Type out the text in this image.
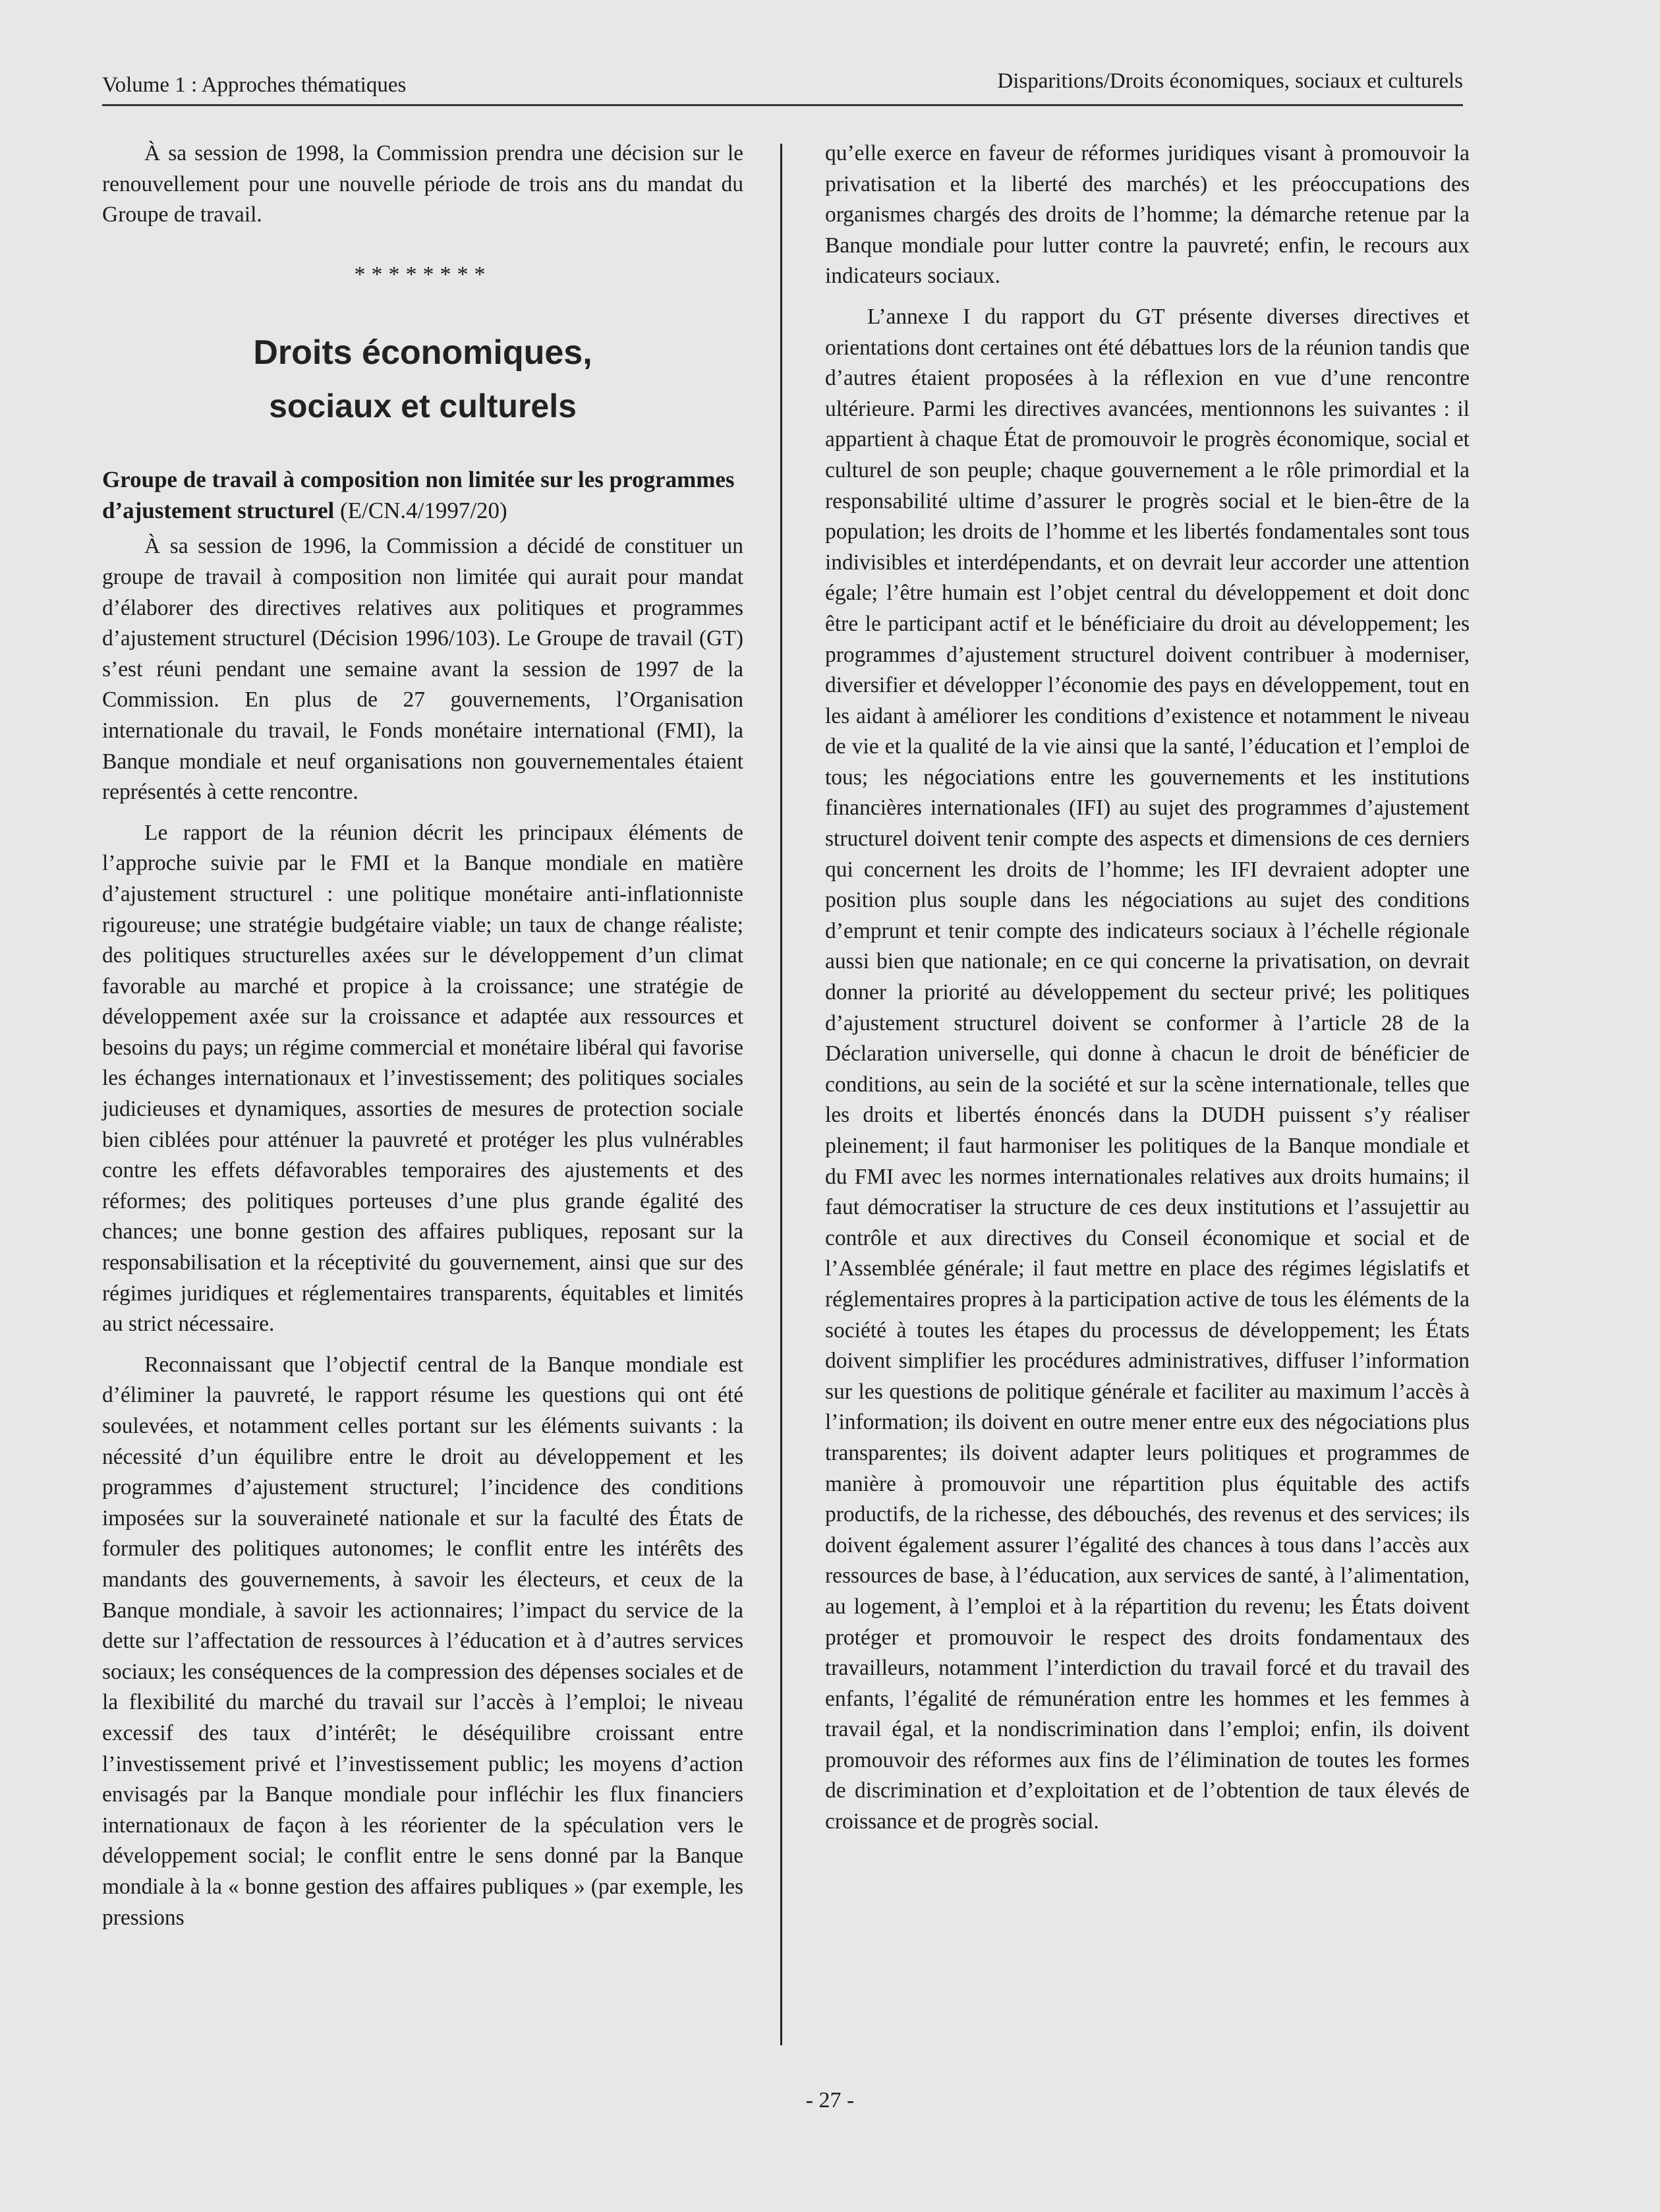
Volume 1 : Approches thématiques	Disparitions/Droits économiques, sociaux et culturels

À sa session de 1998, la Commission prendra une décision sur le renouvellement pour une nouvelle période de trois ans du mandat du Groupe de travail.

********
Droits économiques,
sociaux et culturels
Groupe de travail à composition non limitée sur les programmes d’ajustement structurel (E/CN.4/1997/20)

À sa session de 1996, la Commission a décidé de constituer un groupe de travail à composition non limitée qui aurait pour mandat d’élaborer des directives relatives aux politiques et programmes d’ajustement structurel (Décision 1996/103). Le Groupe de travail (GT) s’est réuni pendant une semaine avant la session de 1997 de la Commission. En plus de 27 gouvernements, l’Organisation internationale du travail, le Fonds monétaire international (FMI), la Banque mondiale et neuf organisations non gouvernementales étaient représentés à cette rencontre.

Le rapport de la réunion décrit les principaux éléments de l’approche suivie par le FMI et la Banque mondiale en matière d’ajustement structurel : une politique monétaire anti-inflationniste rigoureuse; une stratégie budgétaire viable; un taux de change réaliste; des politiques structurelles axées sur le développement d’un climat favorable au marché et propice à la croissance; une stratégie de développement axée sur la croissance et adaptée aux ressources et besoins du pays; un régime commercial et monétaire libéral qui favorise les échanges internationaux et l’investissement; des politiques sociales judicieuses et dynamiques, assorties de mesures de protection sociale bien ciblées pour atténuer la pauvreté et protéger les plus vulnérables contre les effets défavorables temporaires des ajustements et des réformes; des politiques porteuses d’une plus grande égalité des chances; une bonne gestion des affaires publiques, reposant sur la responsabilisation et la réceptivité du gouvernement, ainsi que sur des régimes juridiques et réglementaires transparents, équitables et limités au strict nécessaire.

Reconnaissant que l’objectif central de la Banque mondiale est d’éliminer la pauvreté, le rapport résume les questions qui ont été soulevées, et notamment celles portant sur les éléments suivants : la nécessité d’un équilibre entre le droit au développement et les programmes d’ajustement structurel; l’incidence des conditions imposées sur la souveraineté nationale et sur la faculté des États de formuler des politiques autonomes; le conflit entre les intérêts des mandants des gouvernements, à savoir les électeurs, et ceux de la Banque mondiale, à savoir les actionnaires; l’impact du service de la dette sur l’affectation de ressources à l’éducation et à d’autres services sociaux; les conséquences de la compression des dépenses sociales et de la flexibilité du marché du travail sur l’accès à l’emploi; le niveau excessif des taux d’intérêt; le déséquilibre croissant entre l’investissement privé et l’investissement public; les moyens d’action envisagés par la Banque mondiale pour infléchir les flux financiers internationaux de façon à les réorienter de la spéculation vers le développement social; le conflit entre le sens donné par la Banque mondiale à la « bonne gestion des affaires publiques » (par exemple, les pressions

qu’elle exerce en faveur de réformes juridiques visant à promouvoir la privatisation et la liberté des marchés) et les préoccupations des organismes chargés des droits de l’homme; la démarche retenue par la Banque mondiale pour lutter contre la pauvreté; enfin, le recours aux indicateurs sociaux.

L’annexe I du rapport du GT présente diverses directives et orientations dont certaines ont été débattues lors de la réunion tandis que d’autres étaient proposées à la réflexion en vue d’une rencontre ultérieure. Parmi les directives avancées, mentionnons les suivantes : il appartient à chaque État de promouvoir le progrès économique, social et culturel de son peuple; chaque gouvernement a le rôle primordial et la responsabilité ultime d’assurer le progrès social et le bien-être de la population; les droits de l’homme et les libertés fondamentales sont tous indivisibles et interdépendants, et on devrait leur accorder une attention égale; l’être humain est l’objet central du développement et doit donc être le participant actif et le bénéficiaire du droit au développement; les programmes d’ajustement structurel doivent contribuer à moderniser, diversifier et développer l’économie des pays en développement, tout en les aidant à améliorer les conditions d’existence et notamment le niveau de vie et la qualité de la vie ainsi que la santé, l’éducation et l’emploi de tous; les négociations entre les gouvernements et les institutions financières internationales (IFI) au sujet des programmes d’ajustement structurel doivent tenir compte des aspects et dimensions de ces derniers qui concernent les droits de l’homme; les IFI devraient adopter une position plus souple dans les négociations au sujet des conditions d’emprunt et tenir compte des indicateurs sociaux à l’échelle régionale aussi bien que nationale; en ce qui concerne la privatisation, on devrait donner la priorité au développement du secteur privé; les politiques d’ajustement structurel doivent se conformer à l’article 28 de la Déclaration universelle, qui donne à chacun le droit de bénéficier de conditions, au sein de la société et sur la scène internationale, telles que les droits et libertés énoncés dans la DUDH puissent s’y réaliser pleinement; il faut harmoniser les politiques de la Banque mondiale et du FMI avec les normes internationales relatives aux droits humains; il faut démocratiser la structure de ces deux institutions et l’assujettir au contrôle et aux directives du Conseil économique et social et de l’Assemblée générale; il faut mettre en place des régimes législatifs et réglementaires propres à la participation active de tous les éléments de la société à toutes les étapes du processus de développement; les États doivent simplifier les procédures administratives, diffuser l’information sur les questions de politique générale et faciliter au maximum l’accès à l’information; ils doivent en outre mener entre eux des négociations plus transparentes; ils doivent adapter leurs politiques et programmes de manière à promouvoir une répartition plus équitable des actifs productifs, de la richesse, des débouchés, des revenus et des services; ils doivent également assurer l’égalité des chances à tous dans l’accès aux ressources de base, à l’éducation, aux services de santé, à l’alimentation, au logement, à l’emploi et à la répartition du revenu; les États doivent protéger et promouvoir le respect des droits fondamentaux des travailleurs, notamment l’interdiction du travail forcé et du travail des enfants, l’égalité de rémunération entre les hommes et les femmes à travail égal, et la nondiscrimination dans l’emploi; enfin, ils doivent promouvoir des réformes aux fins de l’élimination de toutes les formes de discrimination et d’exploitation et de l’obtention de taux élevés de croissance et de progrès social.

- 27 -
